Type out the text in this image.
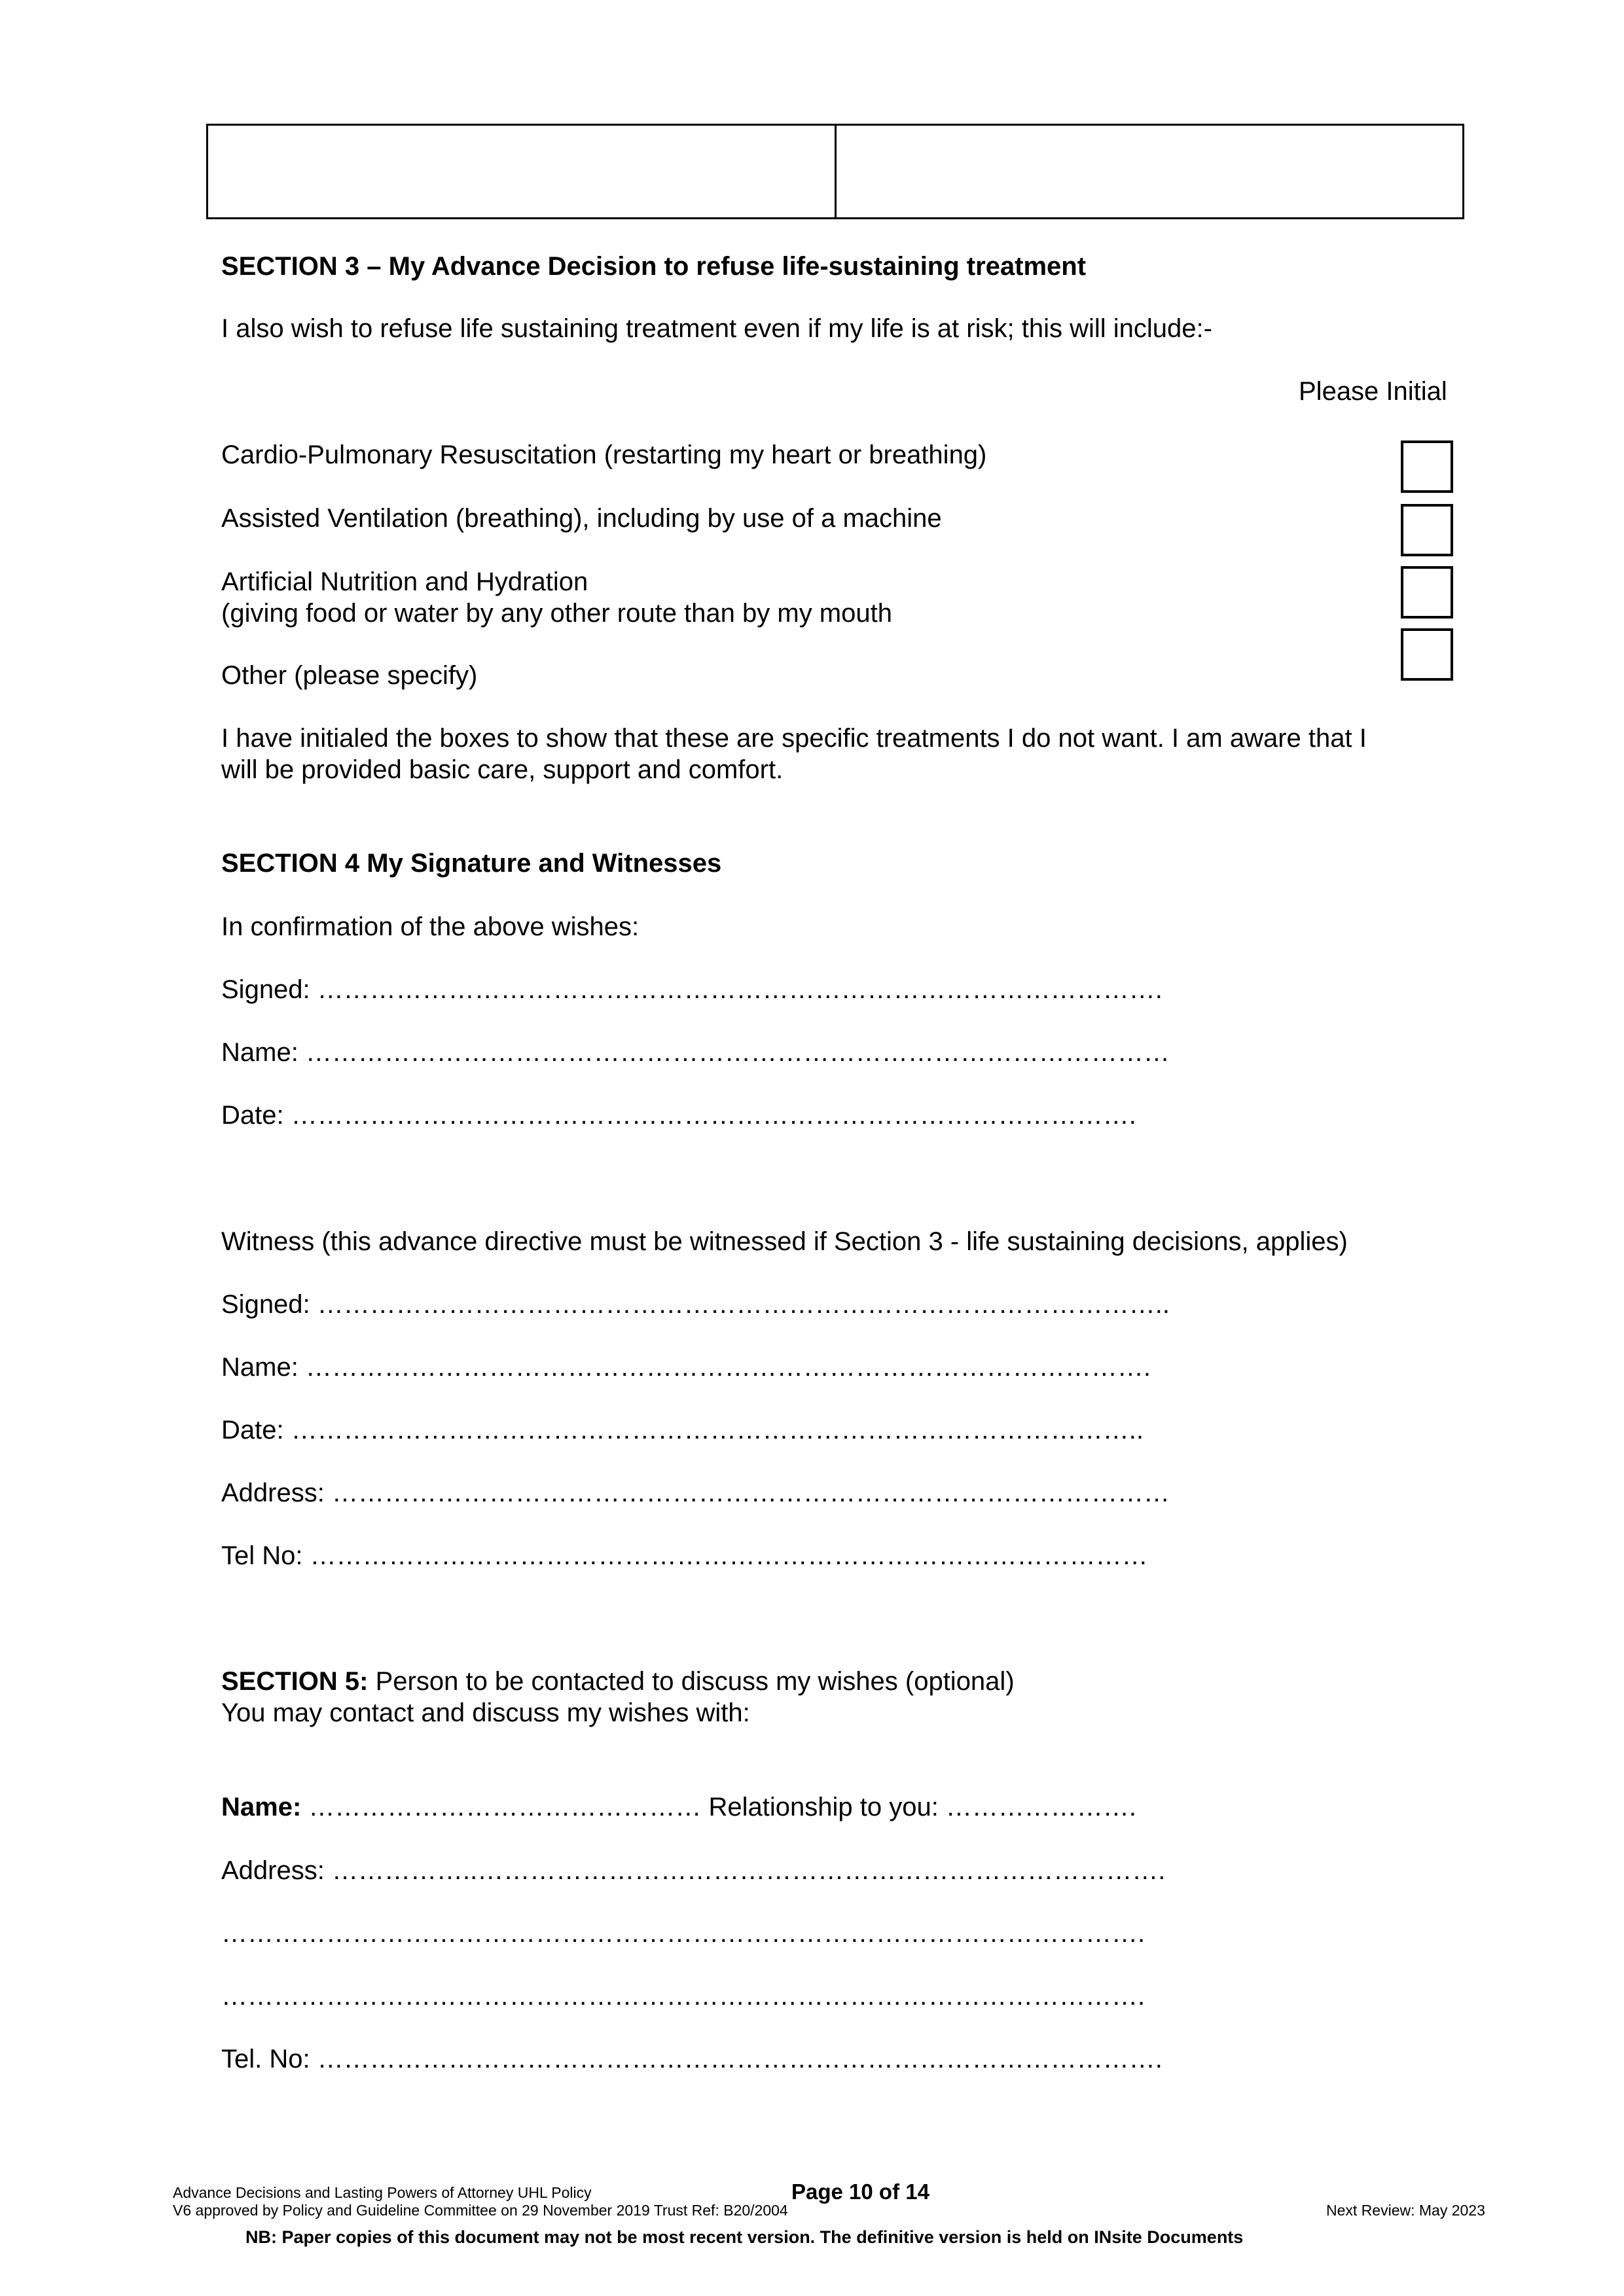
SECTION 3 – My Advance Decision to refuse life-sustaining treatment
I also wish to refuse life sustaining treatment even if my life is at risk; this will include:-
Please Initial
Cardio-Pulmonary Resuscitation (restarting my heart or breathing)
Assisted Ventilation (breathing), including by use of a machine
Artificial Nutrition and Hydration
(giving food or water by any other route than by my mouth
Other (please specify)
I have initialed the boxes to show that these are specific treatments I do not want. I am aware that I
will be provided basic care, support and comfort.
SECTION 4 My Signature and Witnesses
In confirmation of the above wishes:
Signed: …………………………………………………………………………………….
Name: ………………………………………………………………………………………
Date: …………………………………………………………………………………….
Witness (this advance directive must be witnessed if Section 3 - life sustaining decisions, applies)
Signed: ……………………………………………………………………………………..
Name: …………………………………………………………………………………….
Date: ……………………………………………………………………………………..
Address: ……………………………………………………………………………………
Tel No: ……………………………………………………………………………………
SECTION 5: Person to be contacted to discuss my wishes (optional)
You may contact and discuss my wishes with:
Name: ……………………………………… Relationship to you: ………………….
Address: ……………..…………………………………………………………………….
…………………………………………………………………………………………….
…………………………………………………………………………………………….
Tel. No: …………………………………………………………………………………….
Advance Decisions and Lasting Powers of Attorney UHL Policy	Page 10 of 14
V6 approved by Policy and Guideline Committee on 29 November 2019 Trust Ref: B20/2004	Next Review: May 2023
NB: Paper copies of this document may not be most recent version. The definitive version is held on INsite Documents
